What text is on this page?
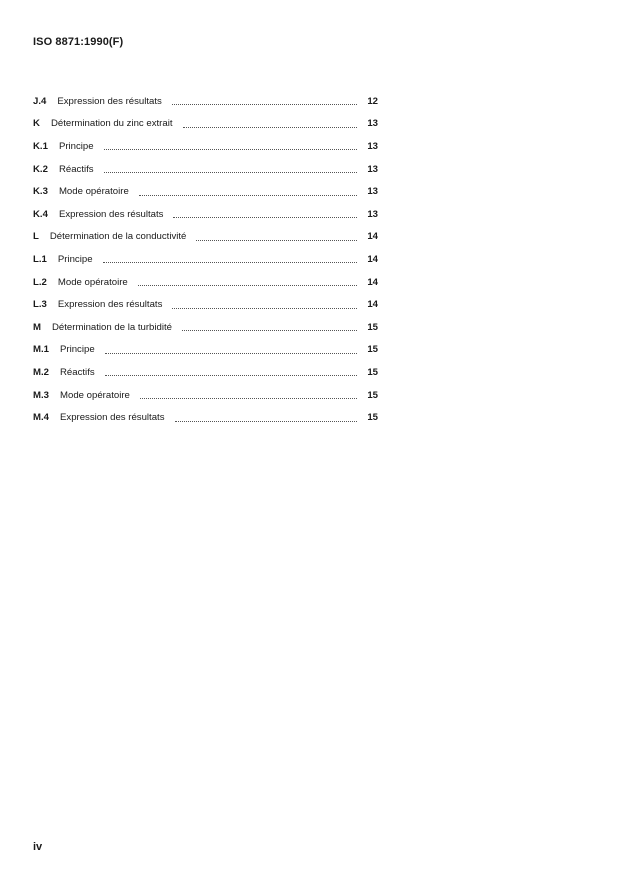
ISO 8871:1990(F)
J.4 Expression des résultats	12
K Détermination du zinc extrait	13
K.1 Principe	13
K.2 Réactifs	13
K.3 Mode opératoire	13
K.4 Expression des résultats	13
L Détermination de la conductivité	14
L.1 Principe	14
L.2 Mode opératoire	14
L.3 Expression des résultats	14
M Détermination de la turbidité	15
M.1 Principe	15
M.2 Réactifs	15
M.3 Mode opératoire	15
M.4 Expression des résultats	15
iv
